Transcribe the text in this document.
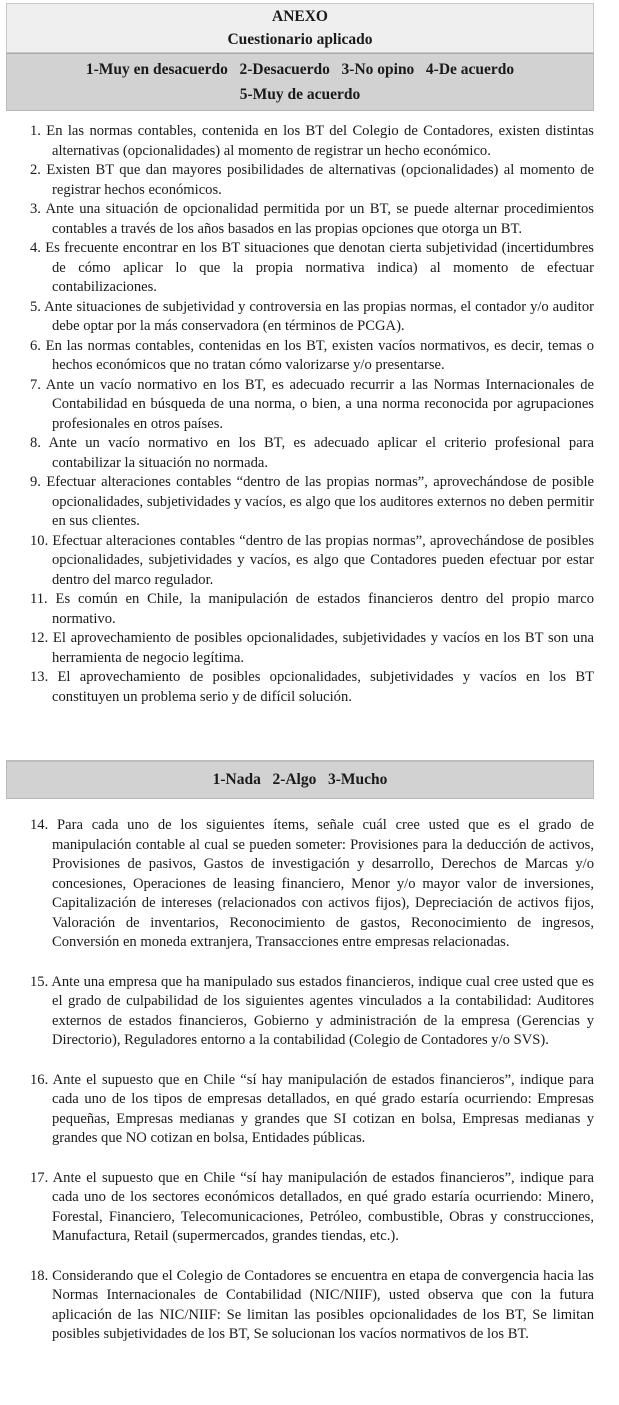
ANEXO
Cuestionario aplicado
1-Muy en desacuerdo   2-Desacuerdo   3-No opino   4-De acuerdo
5-Muy de acuerdo

1. En las normas contables, contenida en los BT del Colegio de Contadores, existen distintas alternativas (opcionalidades) al momento de registrar un hecho económico.

2. Existen BT que dan mayores posibilidades de alternativas (opcionalidades) al momento de registrar hechos económicos.

3. Ante una situación de opcionalidad permitida por un BT, se puede alternar procedimientos contables a través de los años basados en las propias opciones que otorga un BT.

4. Es frecuente encontrar en los BT situaciones que denotan cierta subjetividad (incertidumbres de cómo aplicar lo que la propia normativa indica) al momento de efectuar contabilizaciones.

5. Ante situaciones de subjetividad y controversia en las propias normas, el contador y/o auditor debe optar por la más conservadora (en términos de PCGA).

6. En las normas contables, contenidas en los BT, existen vacíos normativos, es decir, temas o hechos económicos que no tratan cómo valorizarse y/o presentarse.

7. Ante un vacío normativo en los BT, es adecuado recurrir a las Normas Internacionales de Contabilidad en búsqueda de una norma, o bien, a una norma reconocida por agrupaciones profesionales en otros países.

8. Ante un vacío normativo en los BT, es adecuado aplicar el criterio profesional para contabilizar la situación no normada.

9. Efectuar alteraciones contables “dentro de las propias normas”, aprovechándose de posible opcionalidades, subjetividades y vacíos, es algo que los auditores externos no deben permitir en sus clientes.

10. Efectuar alteraciones contables “dentro de las propias normas”, aprovechándose de posibles opcionalidades, subjetividades y vacíos, es algo que Contadores pueden efectuar por estar dentro del marco regulador.

11. Es común en Chile, la manipulación de estados financieros dentro del propio marco normativo.

12. El aprovechamiento de posibles opcionalidades, subjetividades y vacíos en los BT son una herramienta de negocio legítima.

13. El aprovechamiento de posibles opcionalidades, subjetividades y vacíos en los BT constituyen un problema serio y de difícil solución.

1-Nada   2-Algo   3-Mucho

14. Para cada uno de los siguientes ítems, señale cuál cree usted que es el grado de manipulación contable al cual se pueden someter: Provisiones para la deducción de activos, Provisiones de pasivos, Gastos de investigación y desarrollo, Derechos de Marcas y/o concesiones, Operaciones de leasing financiero, Menor y/o mayor valor de inversiones, Capitalización de intereses (relacionados con activos fijos), Depreciación de activos fijos, Valoración de inventarios, Reconocimiento de gastos, Reconocimiento de ingresos, Conversión en moneda extranjera, Transacciones entre empresas relacionadas.

15. Ante una empresa que ha manipulado sus estados financieros, indique cual cree usted que es el grado de culpabilidad de los siguientes agentes vinculados a la contabilidad: Auditores externos de estados financieros, Gobierno y administración de la empresa (Gerencias y Directorio), Reguladores entorno a la contabilidad (Colegio de Contadores y/o SVS).

16. Ante el supuesto que en Chile “sí hay manipulación de estados financieros”, indique para cada uno de los tipos de empresas detallados, en qué grado estaría ocurriendo: Empresas pequeñas, Empresas medianas y grandes que SI cotizan en bolsa, Empresas medianas y grandes que NO cotizan en bolsa, Entidades públicas.

17. Ante el supuesto que en Chile “sí hay manipulación de estados financieros”, indique para cada uno de los sectores económicos detallados, en qué grado estaría ocurriendo: Minero, Forestal, Financiero, Telecomunicaciones, Petróleo, combustible, Obras y construcciones, Manufactura, Retail (supermercados, grandes tiendas, etc.).

18. Considerando que el Colegio de Contadores se encuentra en etapa de convergencia hacia las Normas Internacionales de Contabilidad (NIC/NIIF), usted observa que con la futura aplicación de las NIC/NIIF: Se limitan las posibles opcionalidades de los BT, Se limitan posibles subjetividades de los BT, Se solucionan los vacíos normativos de los BT.
